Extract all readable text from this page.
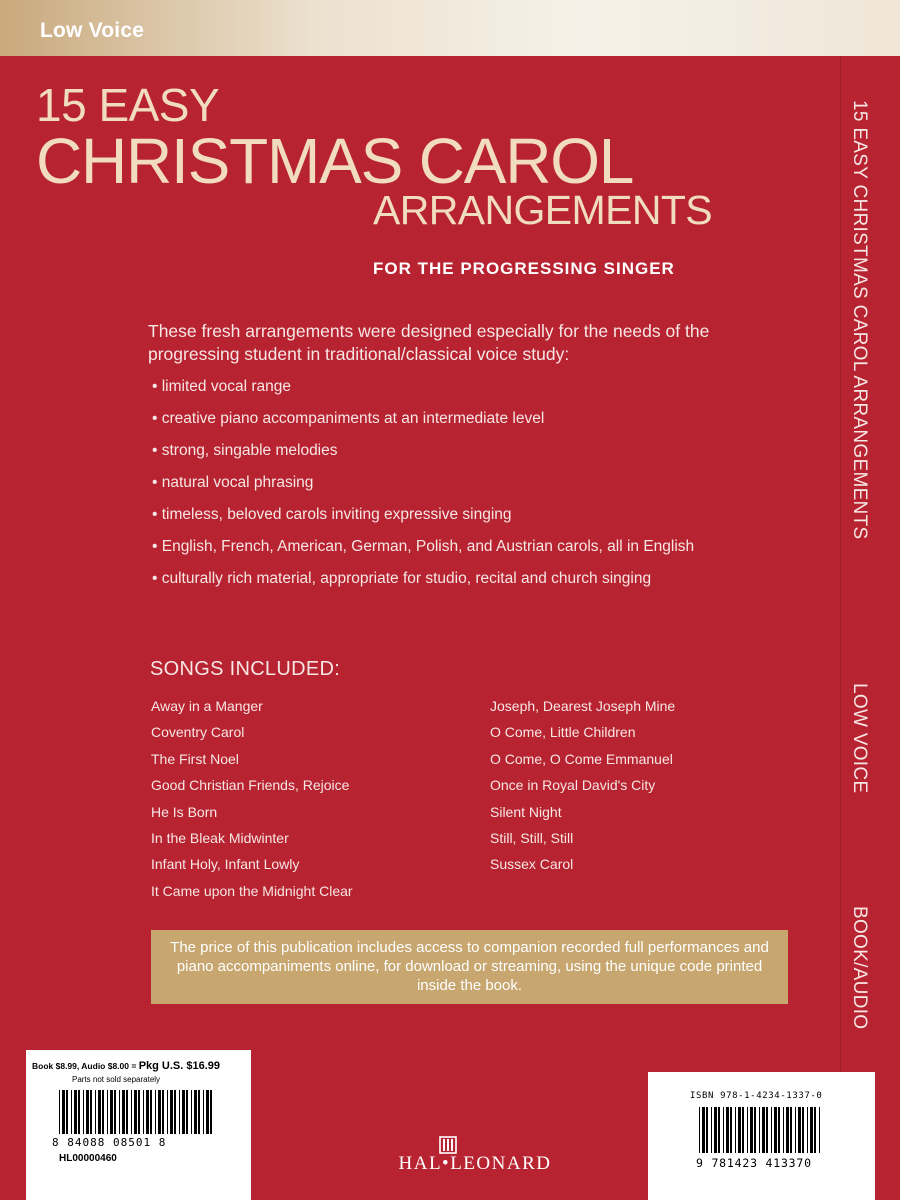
Low Voice
15 EASY
CHRISTMAS CAROL
ARRANGEMENTS
FOR THE PROGRESSING SINGER

These fresh arrangements were designed especially for the needs of the progressing student in traditional/classical voice study:

• limited vocal range
• creative piano accompaniments at an intermediate level
• strong, singable melodies
• natural vocal phrasing
• timeless, beloved carols inviting expressive singing
• English, French, American, German, Polish, and Austrian carols, all in English
• culturally rich material, appropriate for studio, recital and church singing
SONGS INCLUDED:
Away in a Manger
Coventry Carol
The First Noel
Good Christian Friends, Rejoice
He Is Born
In the Bleak Midwinter
Infant Holy, Infant Lowly
It Came upon the Midnight Clear
Joseph, Dearest Joseph Mine
O Come, Little Children
O Come, O Come Emmanuel
Once in Royal David's City
Silent Night
Still, Still, Still
Sussex Carol

The price of this publication includes access to companion recorded full performances and piano accompaniments online, for download or streaming, using the unique code printed inside the book.

15 EASY CHRISTMAS CAROL ARRANGEMENTS
LOW VOICE
BOOK/AUDIO
Book $8.99, Audio $8.00 = Pkg U.S. $16.99
Parts not sold separately
8 84088 08501 8
HL00000460	HAL•LEONARD
ISBN 978-1-4234-1337-0
9 781423 413370
